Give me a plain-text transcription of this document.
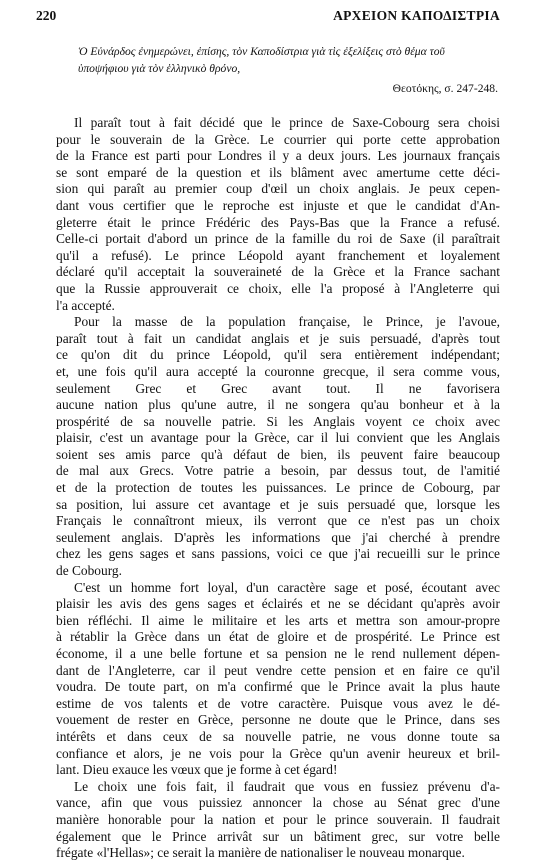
220	ΑΡΧΕΙΟΝ ΚΑΠΟΔΙΣΤΡΙΑ
Ὁ Εὐνάρδος ἐνημερώνει, ἐπίσης, τὸν Καποδίστρια γιὰ τὶς ἐξελίξεις στὸ θέμα τοῦ
ὑποψήφιου γιὰ τὸν ἑλληνικὸ θρόνο,
Θεοτόκης, σ. 247-248.
Il paraît tout à fait décidé que le prince de Saxe-Cobourg sera choisi
pour le souverain de la Grèce. Le courrier qui porte cette approbation
de la France est parti pour Londres il y a deux jours. Les journaux français
se sont emparé de la question et ils blâment avec amertume cette déci-
sion qui paraît au premier coup d'œil un choix anglais. Je peux cepen-
dant vous certifier que le reproche est injuste et que le candidat d'An-
gleterre était le prince Frédéric des Pays-Bas que la France a refusé.
Celle-ci portait d'abord un prince de la famille du roi de Saxe (il paraîtrait
qu'il a refusé). Le prince Léopold ayant franchement et loyalement
déclaré qu'il acceptait la souveraineté de la Grèce et la France sachant
que la Russie approuverait ce choix, elle l'a proposé à l'Angleterre qui
l'a accepté.
Pour la masse de la population française, le Prince, je l'avoue,
paraît tout à fait un candidat anglais et je suis persuadé, d'après tout
ce qu'on dit du prince Léopold, qu'il sera entièrement indépendant;
et, une fois qu'il aura accepté la couronne grecque, il sera comme vous,
seulement Grec et Grec avant tout. Il ne favorisera
aucune nation plus qu'une autre, il ne songera qu'au bonheur et à la
prospérité de sa nouvelle patrie. Si les Anglais voyent ce choix avec
plaisir, c'est un avantage pour la Grèce, car il lui convient que les Anglais
soient ses amis parce qu'à défaut de bien, ils peuvent faire beaucoup
de mal aux Grecs. Votre patrie a besoin, par dessus tout, de l'amitié
et de la protection de toutes les puissances. Le prince de Cobourg, par
sa position, lui assure cet avantage et je suis persuadé que, lorsque les
Français le connaîtront mieux, ils verront que ce n'est pas un choix
seulement anglais. D'après les informations que j'ai cherché à prendre
chez les gens sages et sans passions, voici ce que j'ai recueilli sur le prince
de Cobourg.
C'est un homme fort loyal, d'un caractère sage et posé, écoutant avec
plaisir les avis des gens sages et éclairés et ne se décidant qu'après avoir
bien réfléchi. Il aime le militaire et les arts et mettra son amour-propre
à rétablir la Grèce dans un état de gloire et de prospérité. Le Prince est
économe, il a une belle fortune et sa pension ne le rend nullement dépen-
dant de l'Angleterre, car il peut vendre cette pension et en faire ce qu'il
voudra. De toute part, on m'a confirmé que le Prince avait la plus haute
estime de vos talents et de votre caractère. Puisque vous avez le dé-
vouement de rester en Grèce, personne ne doute que le Prince, dans ses
intérêts et dans ceux de sa nouvelle patrie, ne vous donne toute sa
confiance et alors, je ne vois pour la Grèce qu'un avenir heureux et bril-
lant. Dieu exauce les vœux que je forme à cet égard!
Le choix une fois fait, il faudrait que vous en fussiez prévenu d'a-
vance, afin que vous puissiez annoncer la chose au Sénat grec d'une
manière honorable pour la nation et pour le prince souverain. Il faudrait
également que le Prince arrivât sur un bâtiment grec, sur votre belle
frégate «l'Hellas»; ce serait la manière de nationaliser le nouveau monarque.
